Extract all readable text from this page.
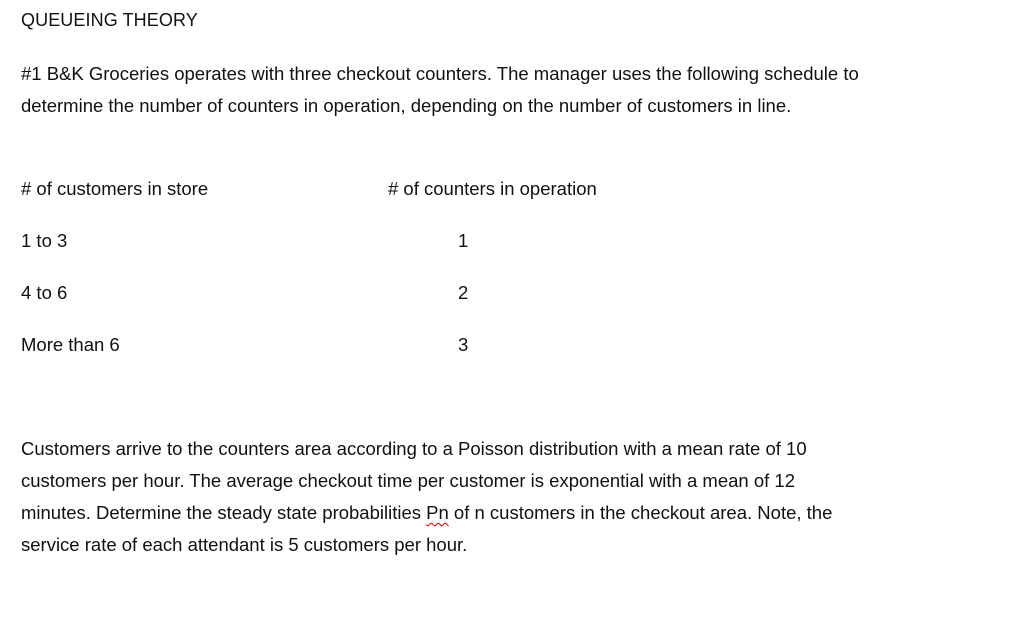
QUEUEING THEORY
#1 B&K Groceries operates with three checkout counters. The manager uses the following schedule to
determine the number of counters in operation, depending on the number of customers in line.
# of customers in store	# of counters in operation
1 to 3	1
4 to 6	2
More than 6	3
Customers arrive to the counters area according to a Poisson distribution with a mean rate of 10
customers per hour. The average checkout time per customer is exponential with a mean of 12
minutes. Determine the steady state probabilities Pn of n customers in the checkout area. Note, the
service rate of each attendant is 5 customers per hour.
